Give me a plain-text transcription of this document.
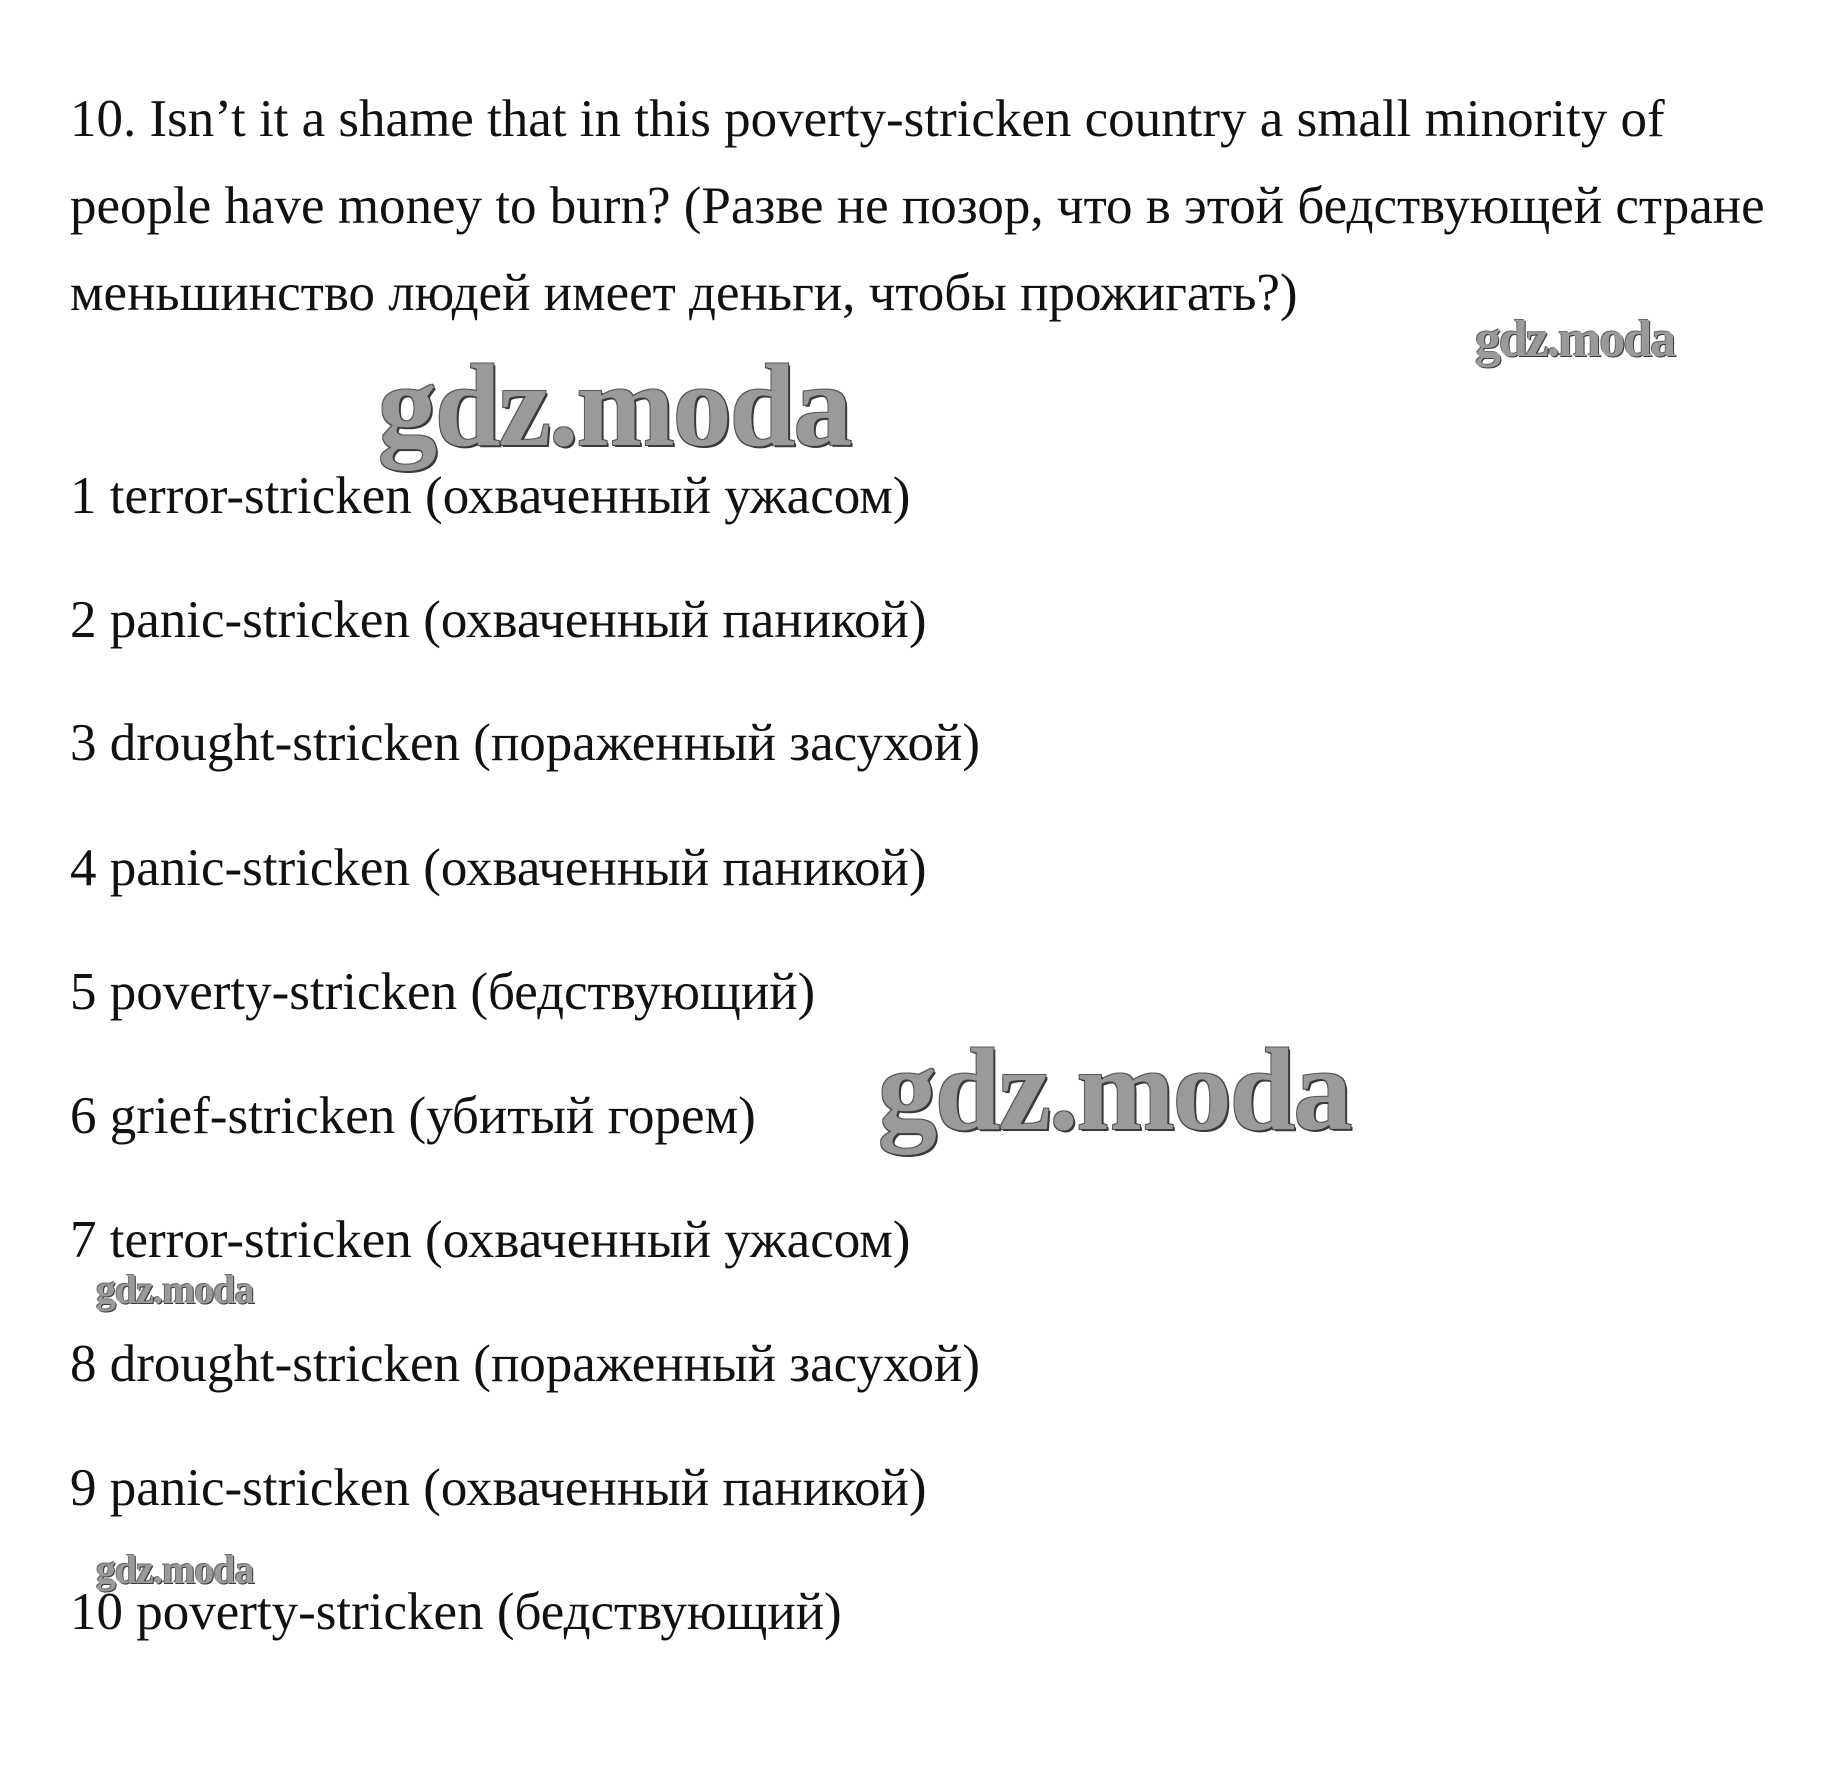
10. Isn’t it a shame that in this poverty-stricken country a small minority of people have money to burn? (Разве не позор, что в этой бедствующей стране меньшинство людей имеет деньги, чтобы прожигать?)
1 terror-stricken (охваченный ужасом)
2 panic-stricken (охваченный паникой)
3 drought-stricken (пораженный засухой)
4 panic-stricken (охваченный паникой)
5 poverty-stricken (бедствующий)
6 grief-stricken (убитый горем)
7 terror-stricken (охваченный ужасом)
8 drought-stricken (пораженный засухой)
9 panic-stricken (охваченный паникой)
10 poverty-stricken (бедствующий)
gdz.moda
gdz.moda
gdz.moda
gdz.moda
gdz.moda
